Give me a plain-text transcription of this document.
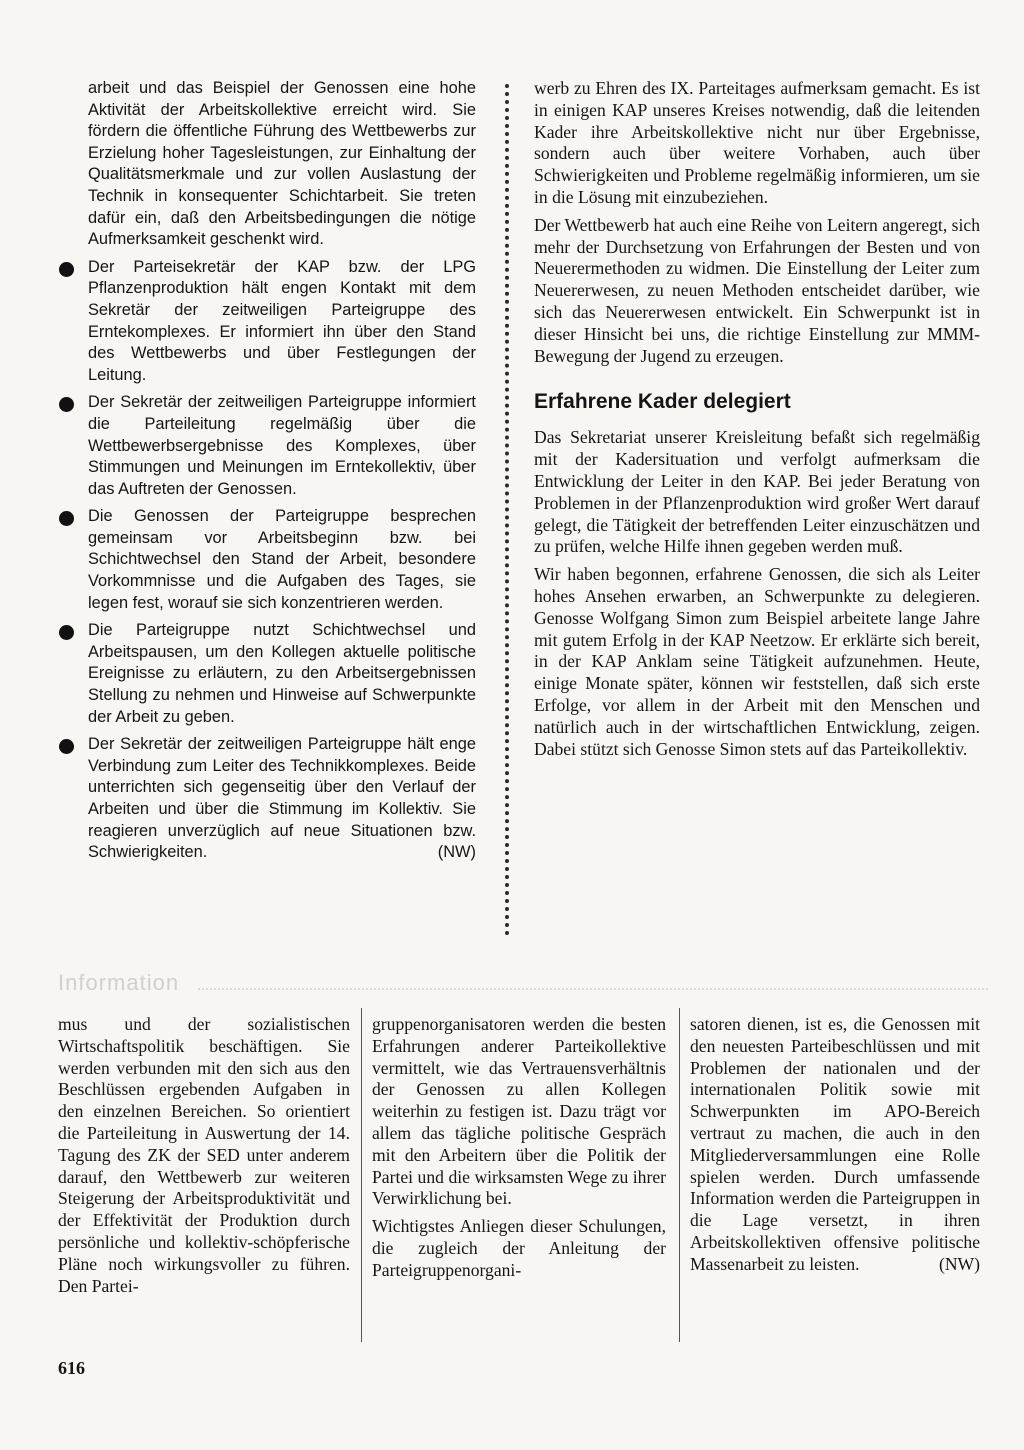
arbeit und das Beispiel der Genossen eine hohe Aktivität der Arbeitskollektive erreicht wird. Sie fördern die öffentliche Führung des Wettbewerbs zur Erzielung hoher Tagesleistungen, zur Einhaltung der Qualitätsmerkmale und zur vollen Auslastung der Technik in konsequenter Schichtarbeit. Sie treten dafür ein, daß den Arbeitsbedingungen die nötige Aufmerksamkeit geschenkt wird.

Der Parteisekretär der KAP bzw. der LPG Pflanzenproduktion hält engen Kontakt mit dem Sekretär der zeitweiligen Parteigruppe des Erntekomplexes. Er informiert ihn über den Stand des Wettbewerbs und über Festlegungen der Leitung.

Der Sekretär der zeitweiligen Parteigruppe informiert die Parteileitung regelmäßig über die Wettbewerbsergebnisse des Komplexes, über Stimmungen und Meinungen im Erntekollektiv, über das Auftreten der Genossen.

Die Genossen der Parteigruppe besprechen gemeinsam vor Arbeitsbeginn bzw. bei Schichtwechsel den Stand der Arbeit, besondere Vorkommnisse und die Aufgaben des Tages, sie legen fest, worauf sie sich konzentrieren werden.

Die Parteigruppe nutzt Schichtwechsel und Arbeitspausen, um den Kollegen aktuelle politische Ereignisse zu erläutern, zu den Arbeitsergebnissen Stellung zu nehmen und Hinweise auf Schwerpunkte der Arbeit zu geben.

Der Sekretär der zeitweiligen Parteigruppe hält enge Verbindung zum Leiter des Technikkomplexes. Beide unterrichten sich gegenseitig über den Verlauf der Arbeiten und über die Stimmung im Kollektiv. Sie reagieren unverzüglich auf neue Situationen bzw. Schwierigkeiten.	(NW)

werb zu Ehren des IX. Parteitages aufmerksam gemacht. Es ist in einigen KAP unseres Kreises notwendig, daß die leitenden Kader ihre Arbeitskollektive nicht nur über Ergebnisse, sondern auch über weitere Vorhaben, auch über Schwierigkeiten und Probleme regelmäßig informieren, um sie in die Lösung mit einzubeziehen.

Der Wettbewerb hat auch eine Reihe von Leitern angeregt, sich mehr der Durchsetzung von Erfahrungen der Besten und von Neuerermethoden zu widmen. Die Einstellung der Leiter zum Neuererwesen, zu neuen Methoden entscheidet darüber, wie sich das Neuererwesen entwickelt. Ein Schwerpunkt ist in dieser Hinsicht bei uns, die richtige Einstellung zur MMM-Bewegung der Jugend zu erzeugen.

Erfahrene Kader delegiert

Das Sekretariat unserer Kreisleitung befaßt sich regelmäßig mit der Kadersituation und verfolgt aufmerksam die Entwicklung der Leiter in den KAP. Bei jeder Beratung von Problemen in der Pflanzenproduktion wird großer Wert darauf gelegt, die Tätigkeit der betreffenden Leiter einzuschätzen und zu prüfen, welche Hilfe ihnen gegeben werden muß.

Wir haben begonnen, erfahrene Genossen, die sich als Leiter hohes Ansehen erwarben, an Schwerpunkte zu delegieren. Genosse Wolfgang Simon zum Beispiel arbeitete lange Jahre mit gutem Erfolg in der KAP Neetzow. Er erklärte sich bereit, in der KAP Anklam seine Tätigkeit aufzunehmen. Heute, einige Monate später, können wir feststellen, daß sich erste Erfolge, vor allem in der Arbeit mit den Menschen und natürlich auch in der wirtschaftlichen Entwicklung, zeigen. Dabei stützt sich Genosse Simon stets auf das Parteikollektiv.

Information

mus und der sozialistischen Wirtschaftspolitik beschäftigen. Sie werden verbunden mit den sich aus den Beschlüssen ergebenden Aufgaben in den einzelnen Bereichen. So orientiert die Parteileitung in Auswertung der 14. Tagung des ZK der SED unter anderem darauf, den Wettbewerb zur weiteren Steigerung der Arbeitsproduktivität und der Effektivität der Produktion durch persönliche und kollektiv-schöpferische Pläne noch wirkungsvoller zu führen. Den Partei-

gruppenorganisatoren werden die besten Erfahrungen anderer Parteikollektive vermittelt, wie das Vertrauensverhältnis der Genossen zu allen Kollegen weiterhin zu festigen ist. Dazu trägt vor allem das tägliche politische Gespräch mit den Arbeitern über die Politik der Partei und die wirksamsten Wege zu ihrer Verwirklichung bei.

Wichtigstes Anliegen dieser Schulungen, die zugleich der Anleitung der Parteigruppenorgani-

satoren dienen, ist es, die Genossen mit den neuesten Parteibeschlüssen und mit Problemen der nationalen und der internationalen Politik sowie mit Schwerpunkten im APO-Bereich vertraut zu machen, die auch in den Mitgliederversammlungen eine Rolle spielen werden. Durch umfassende Information werden die Parteigruppen in die Lage versetzt, in ihren Arbeitskollektiven offensive politische Massenarbeit zu leisten.	(NW)

616
